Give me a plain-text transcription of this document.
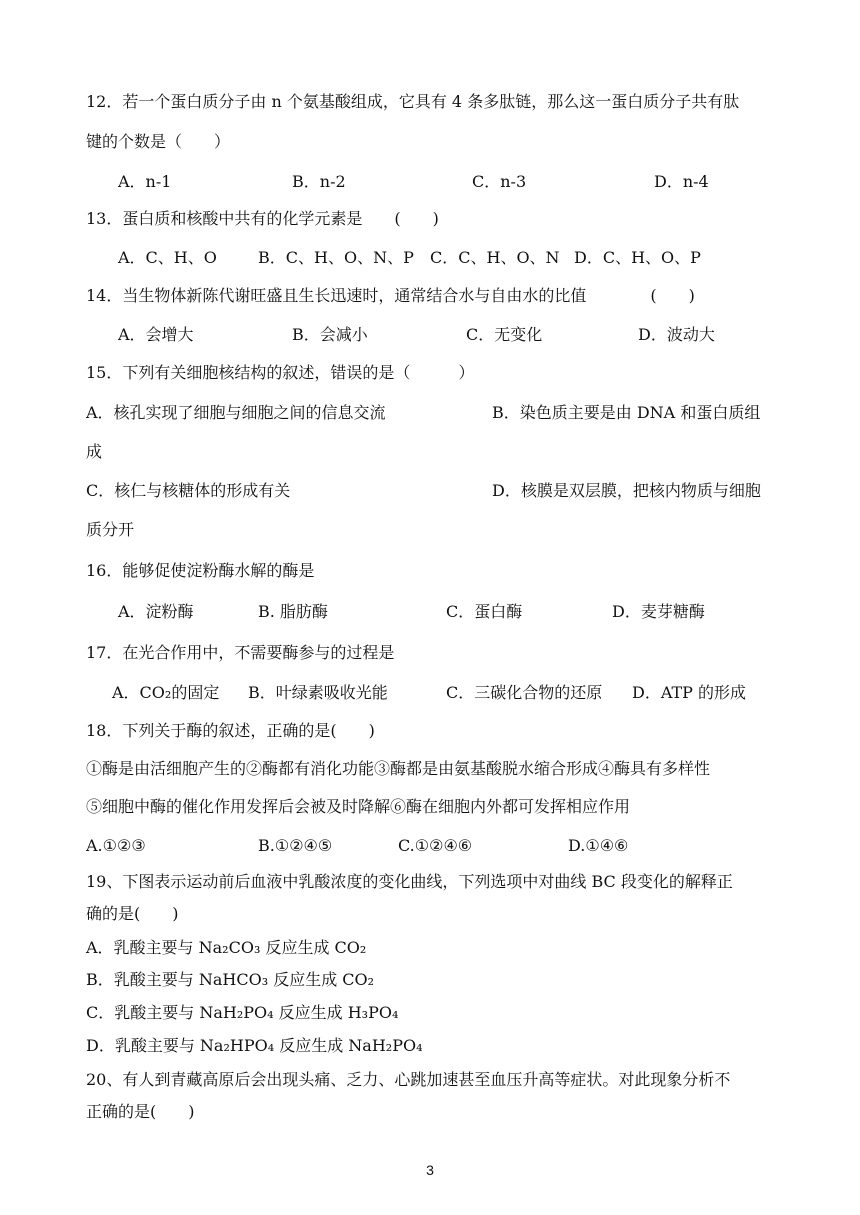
12．若一个蛋白质分子由 n 个氨基酸组成，它具有 4 条多肽链，那么这一蛋白质分子共有肽
键的个数是（　　）
A．n-1	B．n-2	C．n-3	D．n-4
13．蛋白质和核酸中共有的化学元素是　　(　　)
A．C、H、O	B．C、H、O、N、P C．C、H、O、N D．C、H、O、P
14．当生物体新陈代谢旺盛且生长迅速时，通常结合水与自由水的比值　　　　(　　)
A．会增大	B．会减小	C．无变化	D．波动大
15．下列有关细胞核结构的叙述，错误的是（　　　）
A．核孔实现了细胞与细胞之间的信息交流	B．染色质主要是由 DNA 和蛋白质组
成
C．核仁与核糖体的形成有关	D．核膜是双层膜，把核内物质与细胞
质分开
16．能够促使淀粉酶水解的酶是
A．淀粉酶	B. 脂肪酶	C．蛋白酶	D．麦芽糖酶
17．在光合作用中，不需要酶参与的过程是
A．CO₂的固定 B．叶绿素吸收光能	C．三碳化合物的还原 D．ATP 的形成
18．下列关于酶的叙述，正确的是(　　)
①酶是由活细胞产生的②酶都有消化功能③酶都是由氨基酸脱水缩合形成④酶具有多样性
⑤细胞中酶的催化作用发挥后会被及时降解⑥酶在细胞内外都可发挥相应作用
A.①②③	B.①②④⑤	C.①②④⑥	D.①④⑥
19、下图表示运动前后血液中乳酸浓度的变化曲线，下列选项中对曲线 BC 段变化的解释正
确的是(　　)
A．乳酸主要与 Na₂CO₃ 反应生成 CO₂
B．乳酸主要与 NaHCO₃ 反应生成 CO₂
C．乳酸主要与 NaH₂PO₄ 反应生成 H₃PO₄
D．乳酸主要与 Na₂HPO₄ 反应生成 NaH₂PO₄
20、有人到青藏高原后会出现头痛、乏力、心跳加速甚至血压升高等症状。对此现象分析不
正确的是(　　)
3
